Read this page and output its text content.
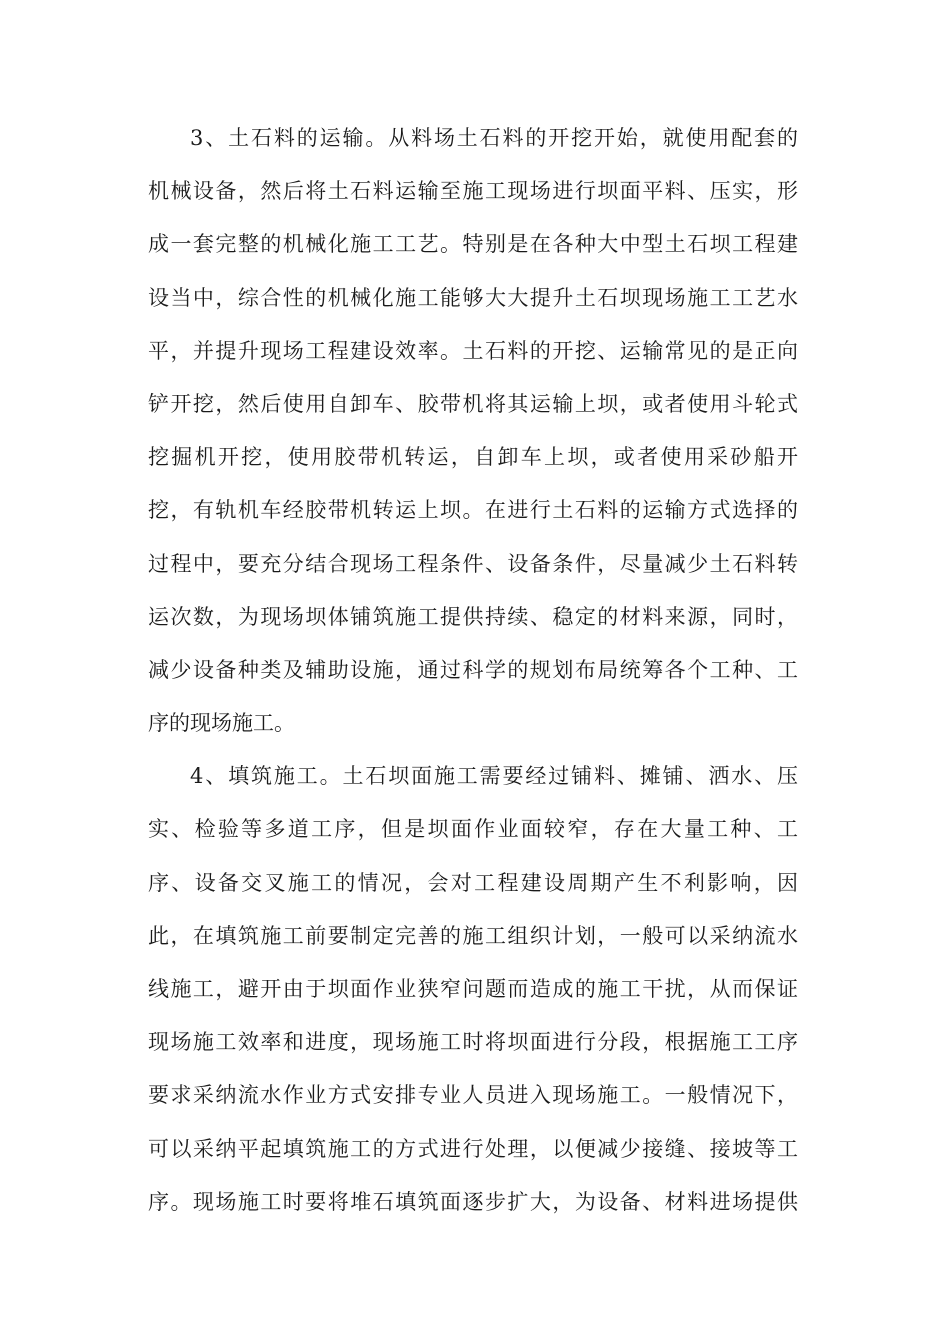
3、土石料的运输。从料场土石料的开挖开始，就使用配套的
机械设备，然后将土石料运输至施工现场进行坝面平料、压实，形
成一套完整的机械化施工工艺。特别是在各种大中型土石坝工程建
设当中，综合性的机械化施工能够大大提升土石坝现场施工工艺水
平，并提升现场工程建设效率。土石料的开挖、运输常见的是正向
铲开挖，然后使用自卸车、胶带机将其运输上坝，或者使用斗轮式
挖掘机开挖，使用胶带机转运，自卸车上坝，或者使用采砂船开
挖，有轨机车经胶带机转运上坝。在进行土石料的运输方式选择的
过程中，要充分结合现场工程条件、设备条件，尽量减少土石料转
运次数，为现场坝体铺筑施工提供持续、稳定的材料来源，同时，
减少设备种类及辅助设施，通过科学的规划布局统筹各个工种、工
序的现场施工。
4、填筑施工。土石坝面施工需要经过铺料、摊铺、洒水、压
实、检验等多道工序，但是坝面作业面较窄，存在大量工种、工
序、设备交叉施工的情况，会对工程建设周期产生不利影响，因
此，在填筑施工前要制定完善的施工组织计划，一般可以采纳流水
线施工，避开由于坝面作业狭窄问题而造成的施工干扰，从而保证
现场施工效率和进度，现场施工时将坝面进行分段，根据施工工序
要求采纳流水作业方式安排专业人员进入现场施工。一般情况下，
可以采纳平起填筑施工的方式进行处理，以便减少接缝、接坡等工
序。现场施工时要将堆石填筑面逐步扩大，为设备、材料进场提供
